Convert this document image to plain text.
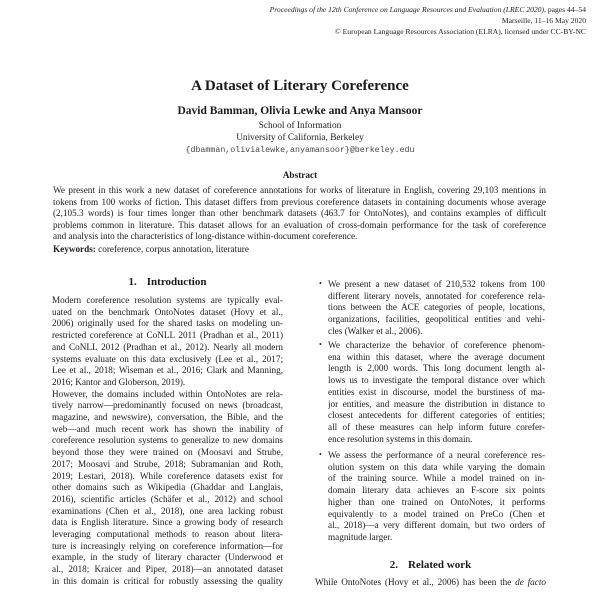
Proceedings of the 12th Conference on Language Resources and Evaluation (LREC 2020), pages 44–54
Marseille, 11–16 May 2020
© European Language Resources Association (ELRA), licensed under CC-BY-NC
A Dataset of Literary Coreference
David Bamman, Olivia Lewke and Anya Mansoor
School of Information
University of California, Berkeley
{dbamman,olivialewke,anyamansoor}@berkeley.edu
Abstract
We present in this work a new dataset of coreference annotations for works of literature in English, covering 29,103 mentions in
tokens from 100 works of fiction. This dataset differs from previous coreference datasets in containing documents whose average
(2,105.3 words) is four times longer than other benchmark datasets (463.7 for OntoNotes), and contains examples of difficult
problems common in literature. This dataset allows for an evaluation of cross-domain performance for the task of coreference
and analysis into the characteristics of long-distance within-document coreference.
Keywords: coreference, corpus annotation, literature
1. Introduction
Modern coreference resolution systems are typically eval-
uated on the benchmark OntoNotes dataset (Hovy et al.,
2006) originally used for the shared tasks on modeling un-
restricted coreference at CoNLL 2011 (Pradhan et al., 2011)
and CoNLL 2012 (Pradhan et al., 2012). Nearly all modern
systems evaluate on this data exclusively (Lee et al., 2017;
Lee et al., 2018; Wiseman et al., 2016; Clark and Manning,
2016; Kantor and Globerson, 2019).
However, the domains included within OntoNotes are rela-
tively narrow—predominantly focused on news (broadcast,
magazine, and newswire), conversation, the Bible, and the
web—and much recent work has shown the inability of
coreference resolution systems to generalize to new domains
beyond those they were trained on (Moosavi and Strube,
2017; Moosavi and Strube, 2018; Subramanian and Roth,
2019; Lestari, 2018). While coreference datasets exist for
other domains such as Wikipedia (Ghaddar and Langlais,
2016), scientific articles (Schäfer et al., 2012) and school
examinations (Chen et al., 2018), one area lacking robust
data is English literature. Since a growing body of research
leveraging computational methods to reason about litera-
ture is increasingly relying on coreference information—for
example, in the study of literary character (Underwood et
al., 2018; Kraicer and Piper, 2018)—an annotated dataset
in this domain is critical for robustly assessing the quality
• We present a new dataset of 210,532 tokens from 100
different literary novels, annotated for coreference rela-
tions between the ACE categories of people, locations,
organizations, facilities, geopolitical entities and vehi-
cles (Walker et al., 2006).
• We characterize the behavior of coreference phenom-
ena within this dataset, where the average document
length is 2,000 words. This long document length al-
lows us to investigate the temporal distance over which
entities exist in discourse, model the burstiness of ma-
jor entities, and measure the distribution in distance to
closest antecedents for different categories of entities;
all of these measures can help inform future corefer-
ence resolution systems in this domain.
• We assess the performance of a neural coreference res-
olution system on this data while varying the domain
of the training source. While a model trained on in-
domain literary data achieves an F-score six points
higher than one trained on OntoNotes, it performs
equivalently to a model trained on PreCo (Chen et
al., 2018)—a very different domain, but two orders of
magnitude larger.
2. Related work
While OntoNotes (Hovy et al., 2006) has been the de facto
